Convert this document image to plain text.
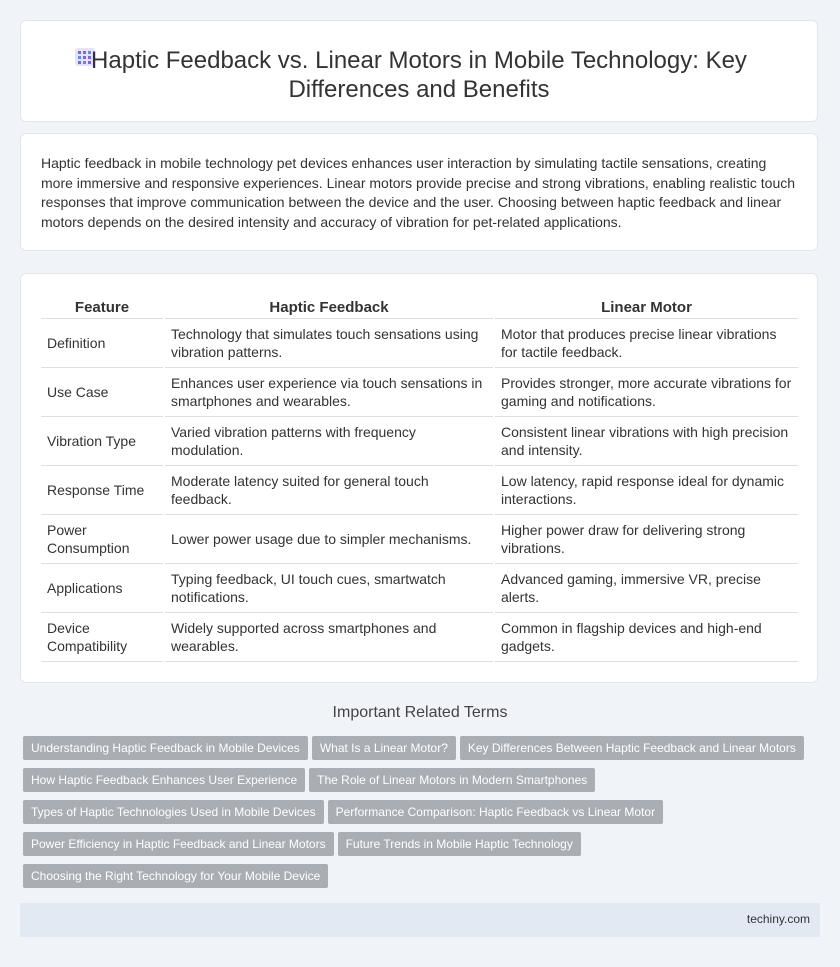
Haptic Feedback vs. Linear Motors in Mobile Technology: Key Differences and Benefits

Haptic feedback in mobile technology pet devices enhances user interaction by simulating tactile sensations, creating more immersive and responsive experiences. Linear motors provide precise and strong vibrations, enabling realistic touch responses that improve communication between the device and the user. Choosing between haptic feedback and linear motors depends on the desired intensity and accuracy of vibration for pet-related applications.

Feature	Haptic Feedback	Linear Motor
Definition	Technology that simulates touch sensations using vibration patterns.	Motor that produces precise linear vibrations for tactile feedback.
Use Case	Enhances user experience via touch sensations in smartphones and wearables.	Provides stronger, more accurate vibrations for gaming and notifications.
Vibration Type	Varied vibration patterns with frequency modulation.	Consistent linear vibrations with high precision and intensity.
Response Time	Moderate latency suited for general touch feedback.	Low latency, rapid response ideal for dynamic interactions.
Power Consumption	Lower power usage due to simpler mechanisms.	Higher power draw for delivering strong vibrations.
Applications	Typing feedback, UI touch cues, smartwatch notifications.	Advanced gaming, immersive VR, precise alerts.
Device Compatibility	Widely supported across smartphones and wearables.	Common in flagship devices and high-end gadgets.
Important Related Terms
Understanding Haptic Feedback in Mobile Devices What Is a Linear Motor? Key Differences Between Haptic Feedback and Linear Motors
How Haptic Feedback Enhances User Experience The Role of Linear Motors in Modern Smartphones
Types of Haptic Technologies Used in Mobile Devices Performance Comparison: Haptic Feedback vs Linear Motor
Power Efficiency in Haptic Feedback and Linear Motors Future Trends in Mobile Haptic Technology
Choosing the Right Technology for Your Mobile Device
techiny.com
